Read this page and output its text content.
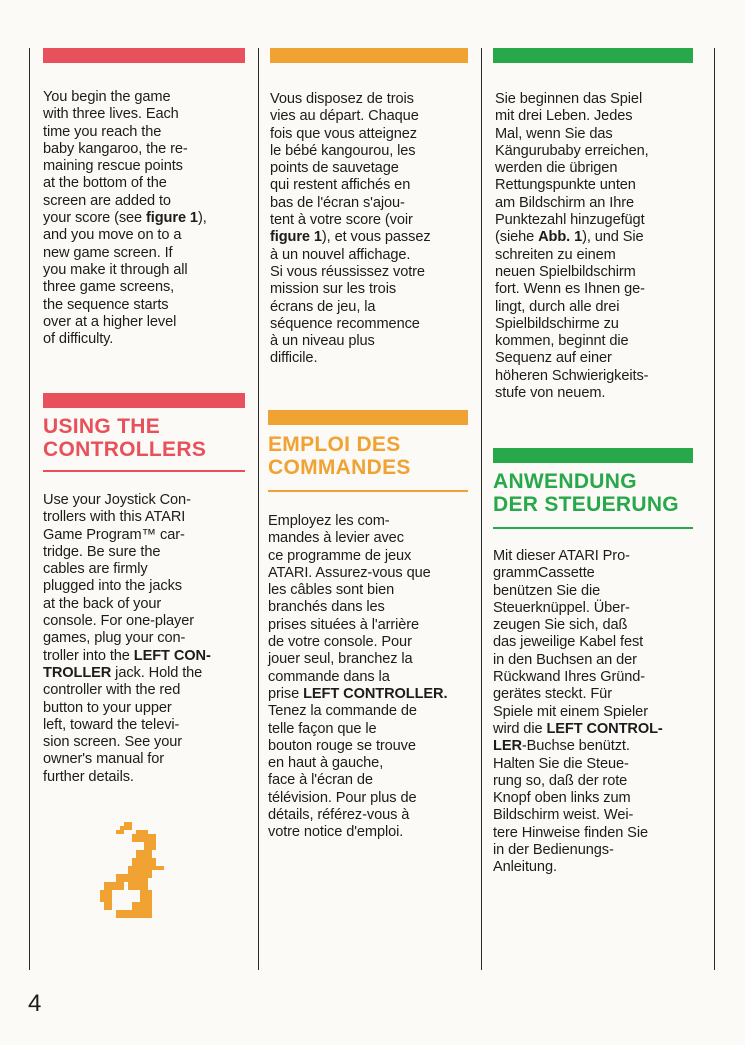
You begin the game
with three lives. Each
time you reach the
baby kangaroo, the re-
maining rescue points
at the bottom of the
screen are added to
your score (see figure 1),
and you move on to a
new game screen. If
you make it through all
three game screens,
the sequence starts
over at a higher level
of difficulty.

USING THE
CONTROLLERS

Use your Joystick Con-
trollers with this ATARI
Game Program™ car-
tridge. Be sure the
cables are firmly
plugged into the jacks
at the back of your
console. For one-player
games, plug your con-
troller into the LEFT CON-
TROLLER jack. Hold the
controller with the red
button to your upper
left, toward the televi-
sion screen. See your
owner's manual for
further details.

Vous disposez de trois
vies au départ. Chaque
fois que vous atteignez
le bébé kangourou, les
points de sauvetage
qui restent affichés en
bas de l'écran s'ajou-
tent à votre score (voir
figure 1), et vous passez
à un nouvel affichage.
Si vous réussissez votre
mission sur les trois
écrans de jeu, la
séquence recommence
à un niveau plus
difficile.

EMPLOI DES
COMMANDES

Employez les com-
mandes à levier avec
ce programme de jeux
ATARI. Assurez-vous que
les câbles sont bien
branchés dans les
prises situées à l'arrière
de votre console. Pour
jouer seul, branchez la
commande dans la
prise LEFT CONTROLLER.
Tenez la commande de
telle façon que le
bouton rouge se trouve
en haut à gauche,
face à l'écran de
télévision. Pour plus de
détails, référez-vous à
votre notice d'emploi.

Sie beginnen das Spiel
mit drei Leben. Jedes
Mal, wenn Sie das
Kängurubaby erreichen,
werden die übrigen
Rettungspunkte unten
am Bildschirm an Ihre
Punktezahl hinzugefügt
(siehe Abb. 1), und Sie
schreiten zu einem
neuen Spielbildschirm
fort. Wenn es Ihnen ge-
lingt, durch alle drei
Spielbildschirme zu
kommen, beginnt die
Sequenz auf einer
höheren Schwierigkeits-
stufe von neuem.

ANWENDUNG
DER STEUERUNG

Mit dieser ATARI Pro-
grammCassette
benützen Sie die
Steuerknüppel. Über-
zeugen Sie sich, daß
das jeweilige Kabel fest
in den Buchsen an der
Rückwand Ihres Gründ-
gerätes steckt. Für
Spiele mit einem Spieler
wird die LEFT CONTROL-
LER-Buchse benützt.
Halten Sie die Steue-
rung so, daß der rote
Knopf oben links zum
Bildschirm weist. Wei-
tere Hinweise finden Sie
in der Bedienungs-
Anleitung.

4
